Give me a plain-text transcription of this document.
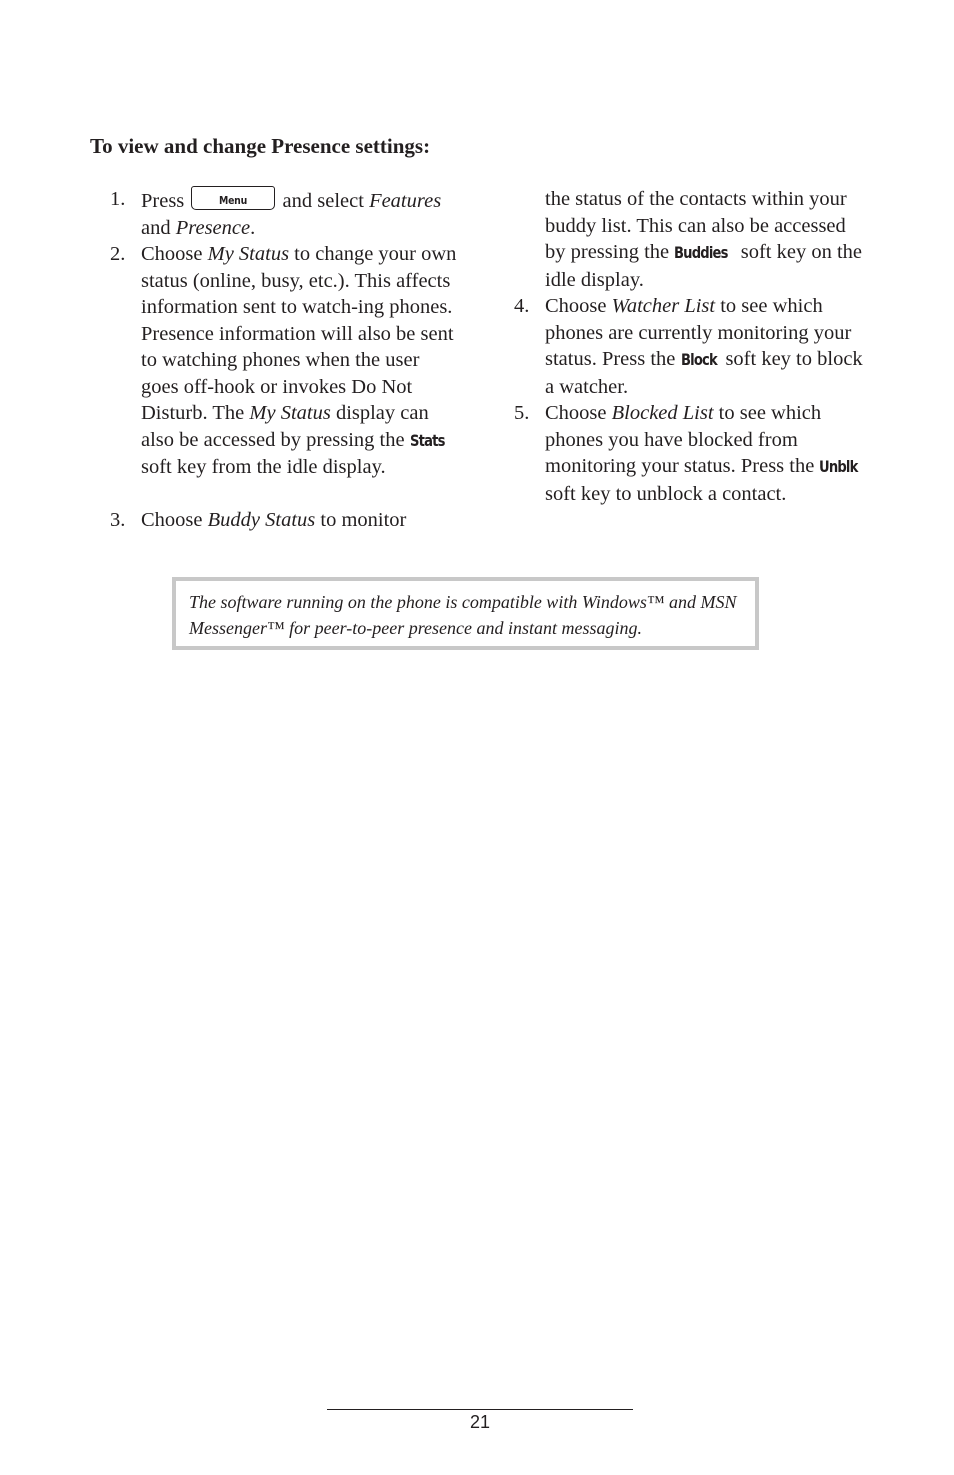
To view and change Presence settings:
1. Press	Menu	and select Features
and Presence.
2. Choose My Status to change your own status (online, busy, etc.). This affects information sent to watch-ing phones. Presence information will also be sent to watching phones when the user goes off-hook or invokes Do Not Disturb. The My Status display can also be accessed by pressing the Stats soft key from the idle display.
3. Choose Buddy Status to monitor
the status of the contacts within your buddy list. This can also be accessed by pressing the Buddies soft key on the idle display.
4. Choose Watcher List to see which phones are currently monitoring your status. Press the Block soft key to block a watcher.
5. Choose Blocked List to see which phones you have blocked from monitoring your status. Press the Unblk soft key to unblock a contact.
The software running on the phone is compatible with Windows™ and MSN Messenger™ for peer-to-peer presence and instant messaging.
21
